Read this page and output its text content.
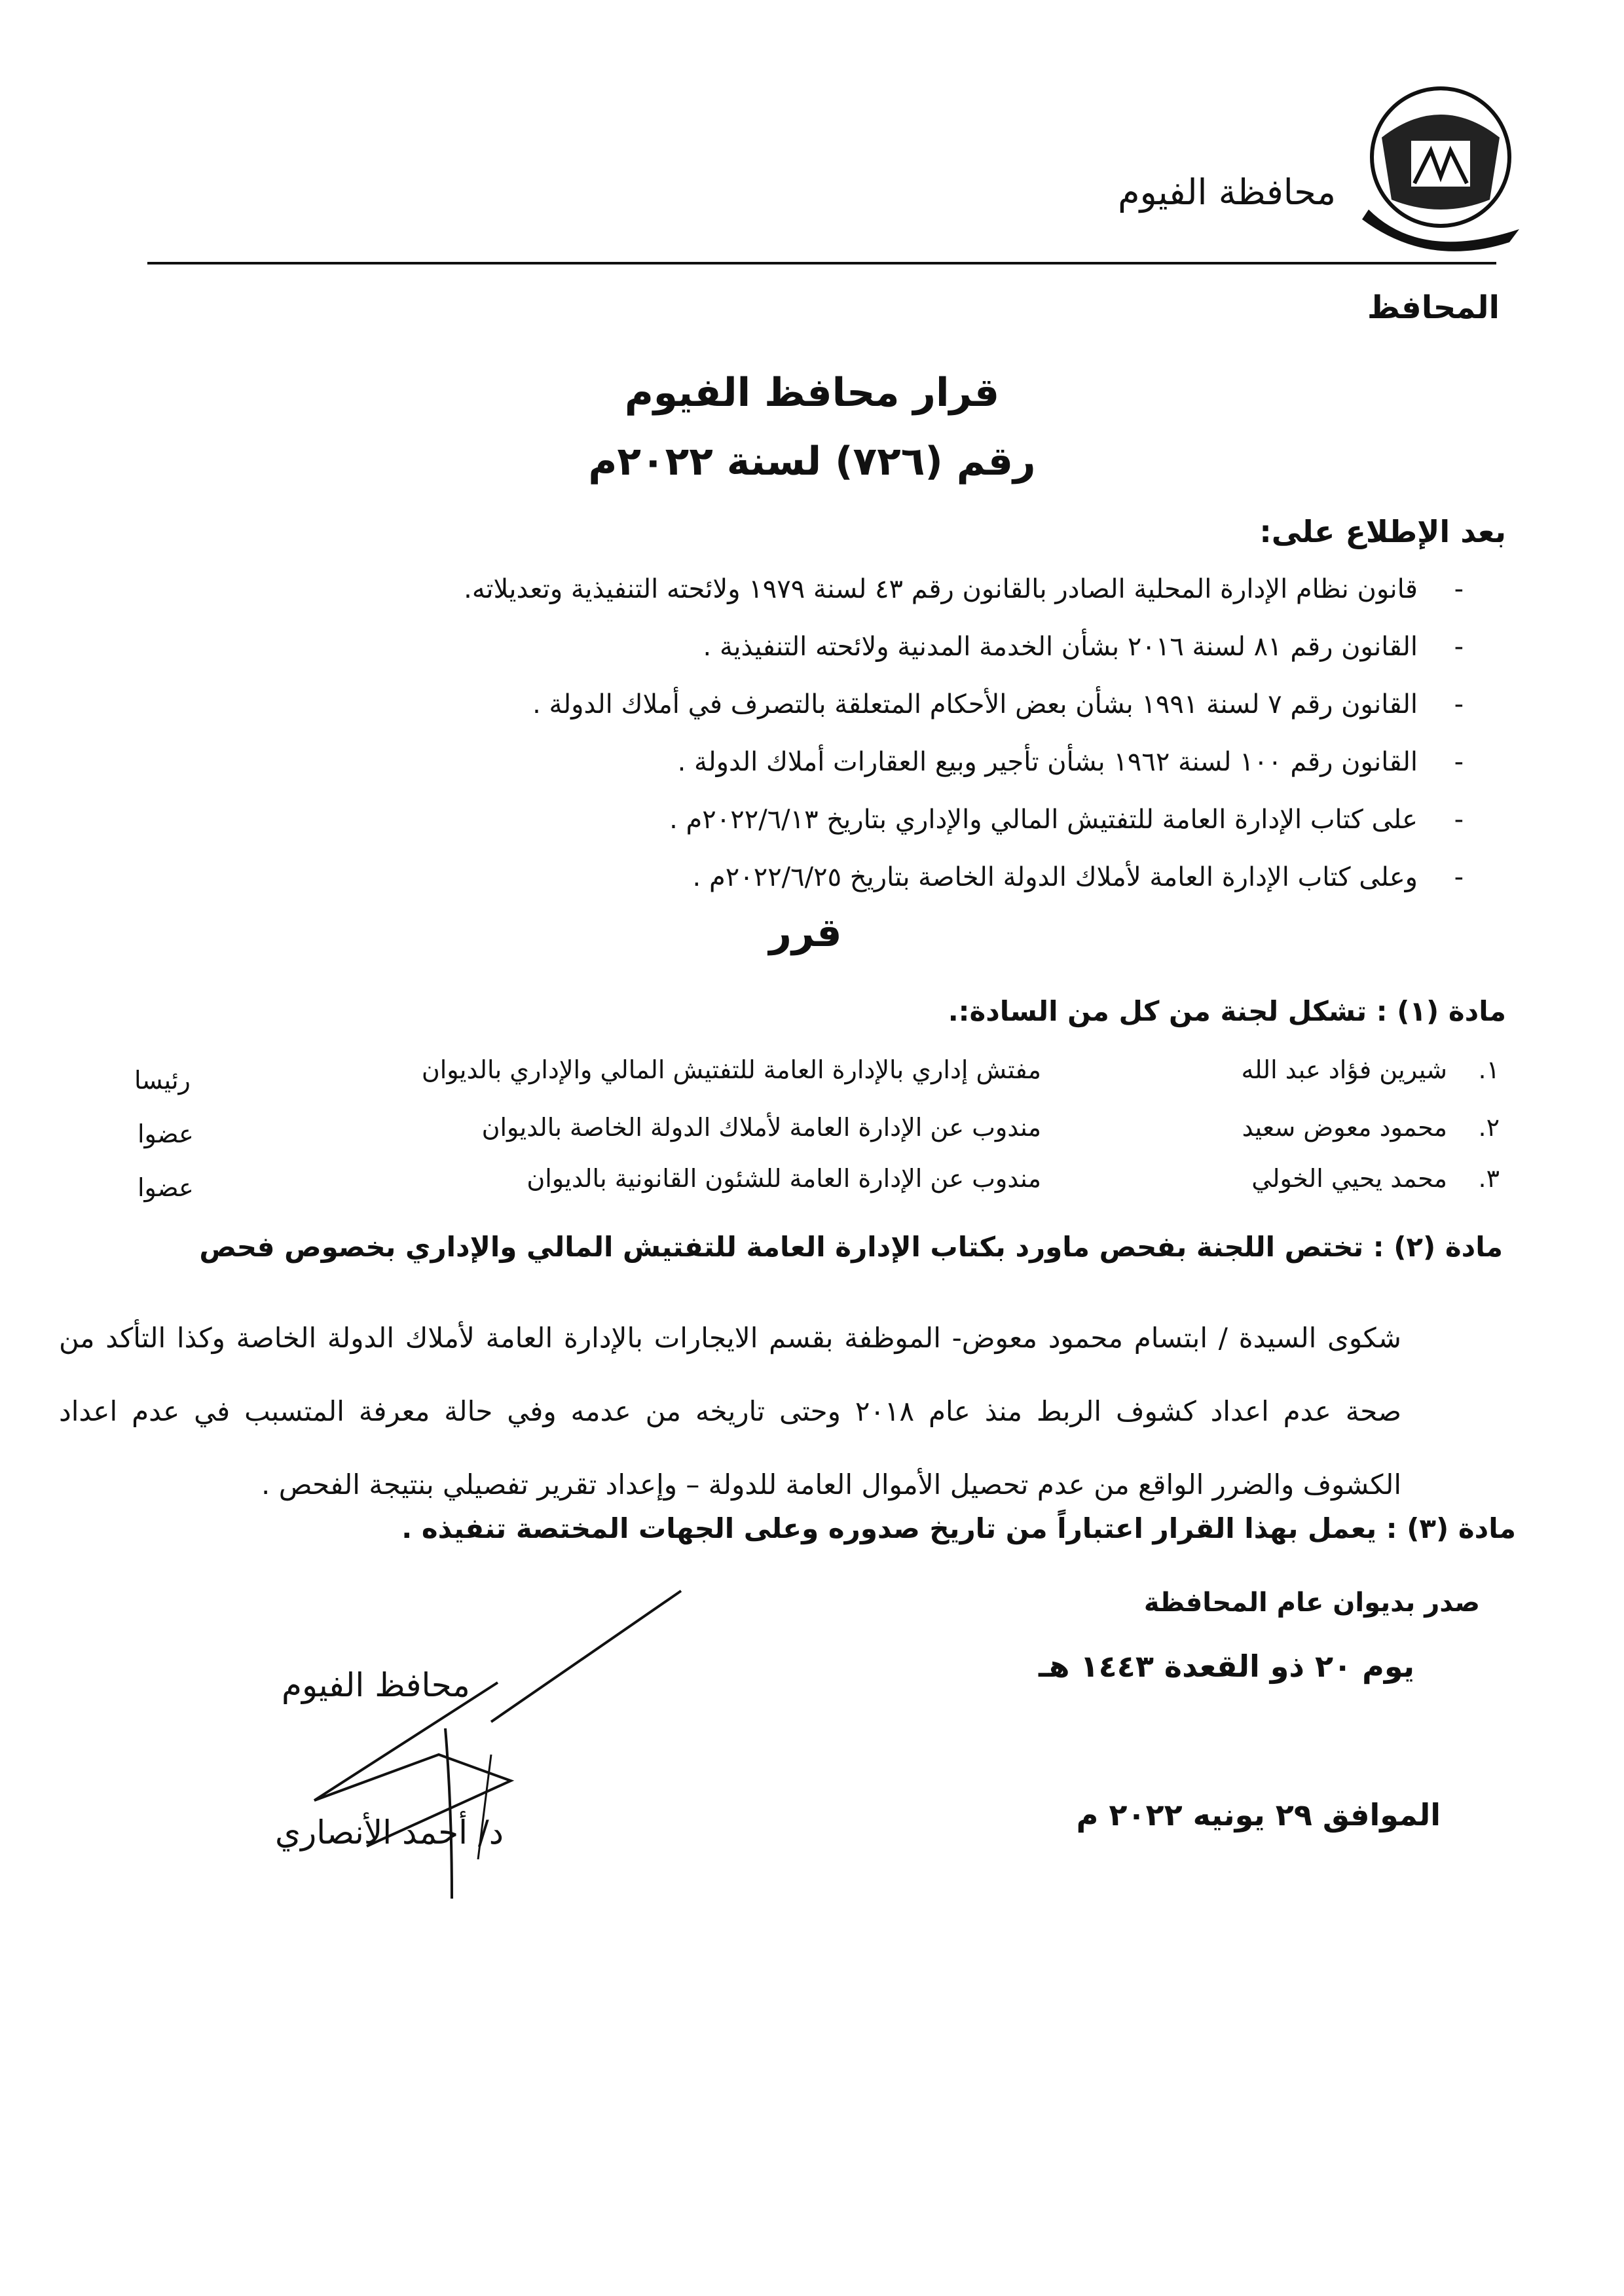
محافظة الفيوم
المحافظ
قرار محافظ الفيوم
رقم (٧٢٦) لسنة ٢٠٢٢م
بعد الإطلاع على:
-
قانون نظام الإدارة المحلية الصادر بالقانون رقم ٤٣ لسنة ١٩٧٩ ولائحته التنفيذية وتعديلاته.
-
القانون رقم ٨١ لسنة ٢٠١٦ بشأن الخدمة المدنية ولائحته التنفيذية .
-
القانون رقم ٧ لسنة ١٩٩١ بشأن بعض الأحكام المتعلقة بالتصرف في أملاك الدولة .
-
القانون رقم ١٠٠ لسنة ١٩٦٢ بشأن تأجير وبيع العقارات أملاك الدولة .
-
على كتاب الإدارة العامة للتفتيش المالي والإداري بتاريخ ٢٠٢٢/٦/١٣م .
-
وعلى كتاب الإدارة العامة لأملاك الدولة الخاصة بتاريخ ٢٠٢٢/٦/٢٥م .
قرر
مادة (١) : تشكل لجنة من كل من السادة:.
١.
شيرين فؤاد عبد الله
مفتش إداري بالإدارة العامة للتفتيش المالي والإداري بالديوان
رئيسا
٢.
محمود معوض سعيد
مندوب عن الإدارة العامة لأملاك الدولة الخاصة بالديوان
عضوا
٣.
محمد يحيي الخولي
مندوب عن الإدارة العامة للشئون القانونية بالديوان
عضوا
مادة (٢) : تختص اللجنة بفحص ماورد بكتاب الإدارة العامة للتفتيش المالي والإداري بخصوص فحص
شكوى السيدة / ابتسام محمود معوض- الموظفة بقسم الايجارات بالإدارة العامة لأملاك الدولة الخاصة وكذا التأكد من صحة عدم اعداد كشوف الربط منذ عام ٢٠١٨ وحتى تاريخه من عدمه وفي حالة معرفة المتسبب في عدم اعداد الكشوف والضرر الواقع من عدم تحصيل الأموال العامة للدولة – وإعداد تقرير تفصيلي بنتيجة الفحص .
مادة (٣) : يعمل بهذا القرار اعتباراً من تاريخ صدوره وعلى الجهات المختصة تنفيذه .
صدر بديوان عام المحافظة
يوم ٢٠ ذو القعدة ١٤٤٣ هـ
الموافق ٢٩ يونيه ٢٠٢٢ م
محافظ الفيوم
د/ أحمد الأنصاري
